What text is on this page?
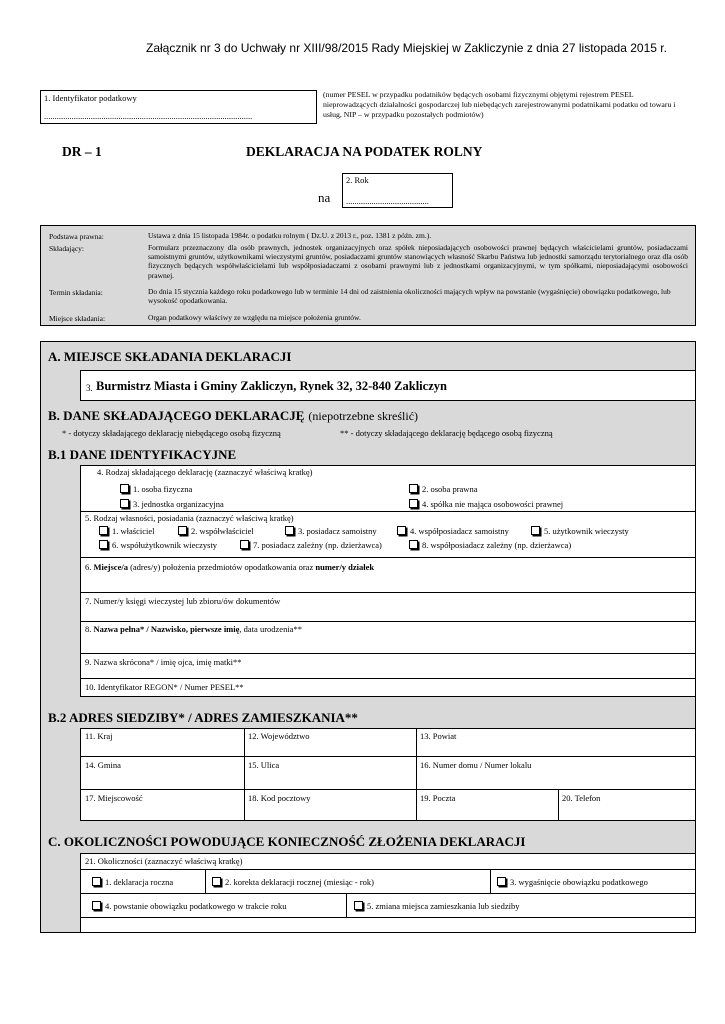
Załącznik nr 3 do Uchwały nr XIII/98/2015 Rady Miejskiej w Zakliczynie z dnia 27 listopada 2015 r.
1. Identyfikator podatkowy
..................................................................................................
(numer PESEL w przypadku podatników będących osobami fizycznymi objętymi rejestrem PESEL nieprowadzących działalności gospodarczej lub niebędących zarejestrowanymi podatnikami podatku od towaru i usług, NIP – w przypadku pozostałych podmiotów)
DR – 1	DEKLARACJA NA PODATEK ROLNY
na
2. Rok
.......................................
Podstawa prawna:	Ustawa z dnia 15 listopada 1984r. o podatku rolnym ( Dz.U. z 2013 r., poz. 1381 z późn. zm.).
Składający:	Formularz przeznaczony dla osób prawnych, jednostek organizacyjnych oraz spółek nieposiadających osobowości prawnej będących właścicielami gruntów, posiadaczami samoistnymi gruntów, użytkownikami wieczystymi gruntów, posiadaczami gruntów stanowiących własność Skarbu Państwa lub jednostki samorządu terytorialnego oraz dla osób fizycznych będących współwłaścicielami lub współposiadaczami z osobami prawnymi lub z jednostkami organizacyjnymi, w tym spółkami, nieposiadającymi osobowości prawnej.
Termin składania:	Do dnia 15 stycznia każdego roku podatkowego lub w terminie 14 dni od zaistnienia okoliczności mających wpływ na powstanie (wygaśnięcie) obowiązku podatkowego, lub wysokość opodatkowania.
Miejsce składania:	Organ podatkowy właściwy ze względu na miejsce położenia gruntów.
A. MIEJSCE SKŁADANIA DEKLARACJI
3. Burmistrz Miasta i Gminy Zakliczyn, Rynek 32, 32-840 Zakliczyn
B. DANE SKŁADAJĄCEGO DEKLARACJĘ (niepotrzebne skreślić)
* - dotyczy składającego deklarację niebędącego osobą fizyczną	** - dotyczy składającego deklarację będącego osobą fizyczną
B.1 DANE IDENTYFIKACYJNE
4. Rodzaj składającego deklarację (zaznaczyć właściwą kratkę)
1. osoba fizyczna	2. osoba prawna
3. jednostka organizacyjna	4. spółka nie mająca osobowości prawnej
5. Rodzaj własności, posiadania (zaznaczyć właściwą kratkę)
1. właściciel	2. współwłaściciel	3. posiadacz samoistny	4. współposiadacz samoistny	5. użytkownik wieczysty
6. współużytkownik wieczysty	7. posiadacz zależny (np. dzierżawca)	8. współposiadacz zależny (np. dzierżawca)
6. Miejsce/a (adres/y) położenia przedmiotów opodatkowania oraz numer/y działek
7. Numer/y księgi wieczystej lub zbioru/ów dokumentów
8. Nazwa pełna* / Nazwisko, pierwsze imię, data urodzenia**
9. Nazwa skrócona* / imię ojca, imię matki**
10. Identyfikator REGON* / Numer PESEL**
B.2 ADRES SIEDZIBY* / ADRES ZAMIESZKANIA**
11. Kraj	12. Województwo	13. Powiat
14. Gmina	15. Ulica	16. Numer domu / Numer lokalu
17. Miejscowość	18. Kod pocztowy	19. Poczta	20. Telefon
C. OKOLICZNOŚCI POWODUJĄCE KONIECZNOŚĆ ZŁOŻENIA DEKLARACJI
21. Okoliczności (zaznaczyć właściwą kratkę)
1. deklaracja roczna	2. korekta deklaracji rocznej (miesiąc - rok)	3. wygaśnięcie obowiązku podatkowego
4. powstanie obowiązku podatkowego w trakcie roku	5. zmiana miejsca zamieszkania lub siedziby
